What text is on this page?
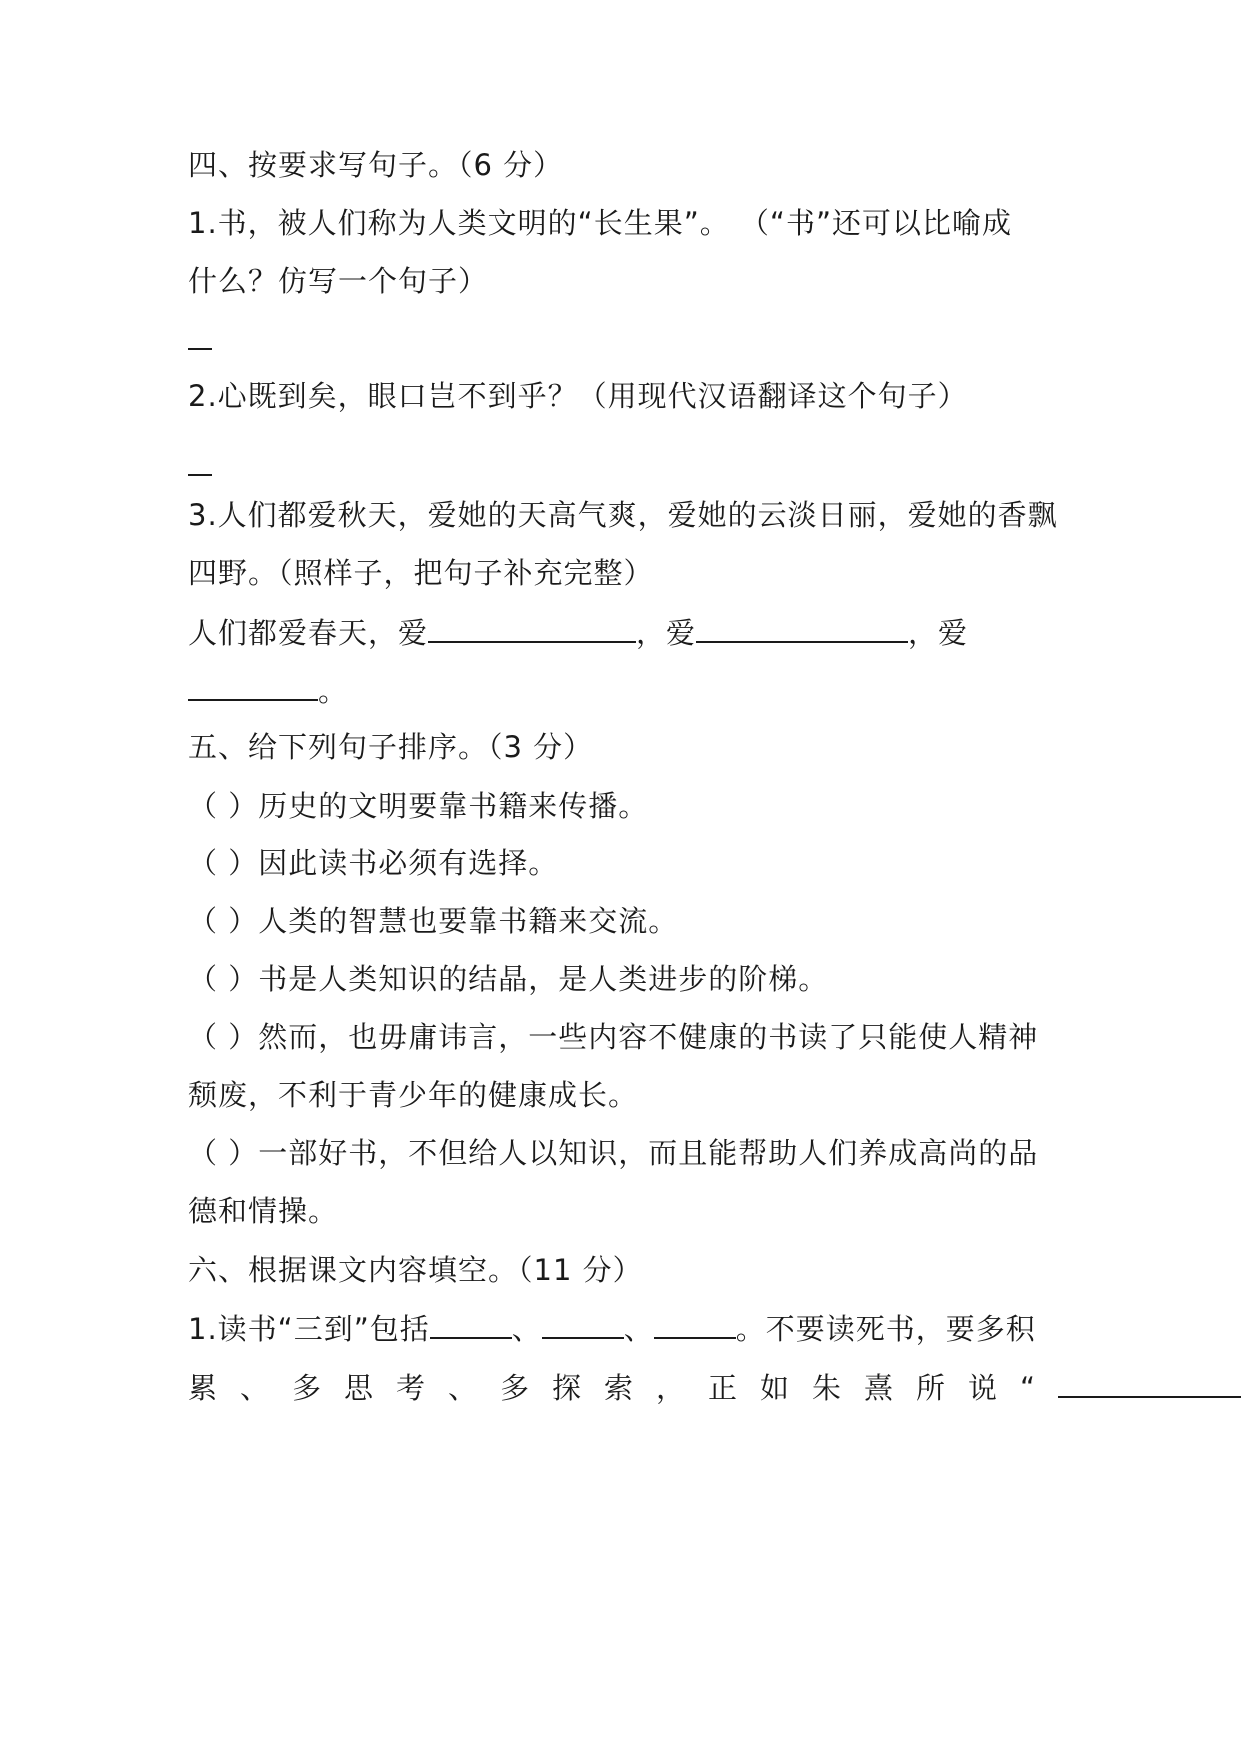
四、按要求写句子。（6 分）
1.书，被人们称为人类文明的“长生果”。 （“书”还可以比喻成
什么？仿写一个句子）
2.心既到矣，眼口岂不到乎？（用现代汉语翻译这个句子）
3.人们都爱秋天，爱她的天高气爽，爱她的云淡日丽，爱她的香飘
四野。（照样子，把句子补充完整）
人们都爱春天，爱	，爱	，爱
。
五、给下列句子排序。（3 分）
（ ）历史的文明要靠书籍来传播。
（ ）因此读书必须有选择。
（ ）人类的智慧也要靠书籍来交流。
（ ）书是人类知识的结晶，是人类进步的阶梯。
（ ）然而，也毋庸讳言，一些内容不健康的书读了只能使人精神
颓废，不利于青少年的健康成长。
（ ）一部好书，不但给人以知识，而且能帮助人们养成高尚的品
德和情操。
六、根据课文内容填空。（11 分）
1.读书“三到”包括	、	、	。不要读死书，要多积
累、多思考、多探索，正如朱熹所说“
